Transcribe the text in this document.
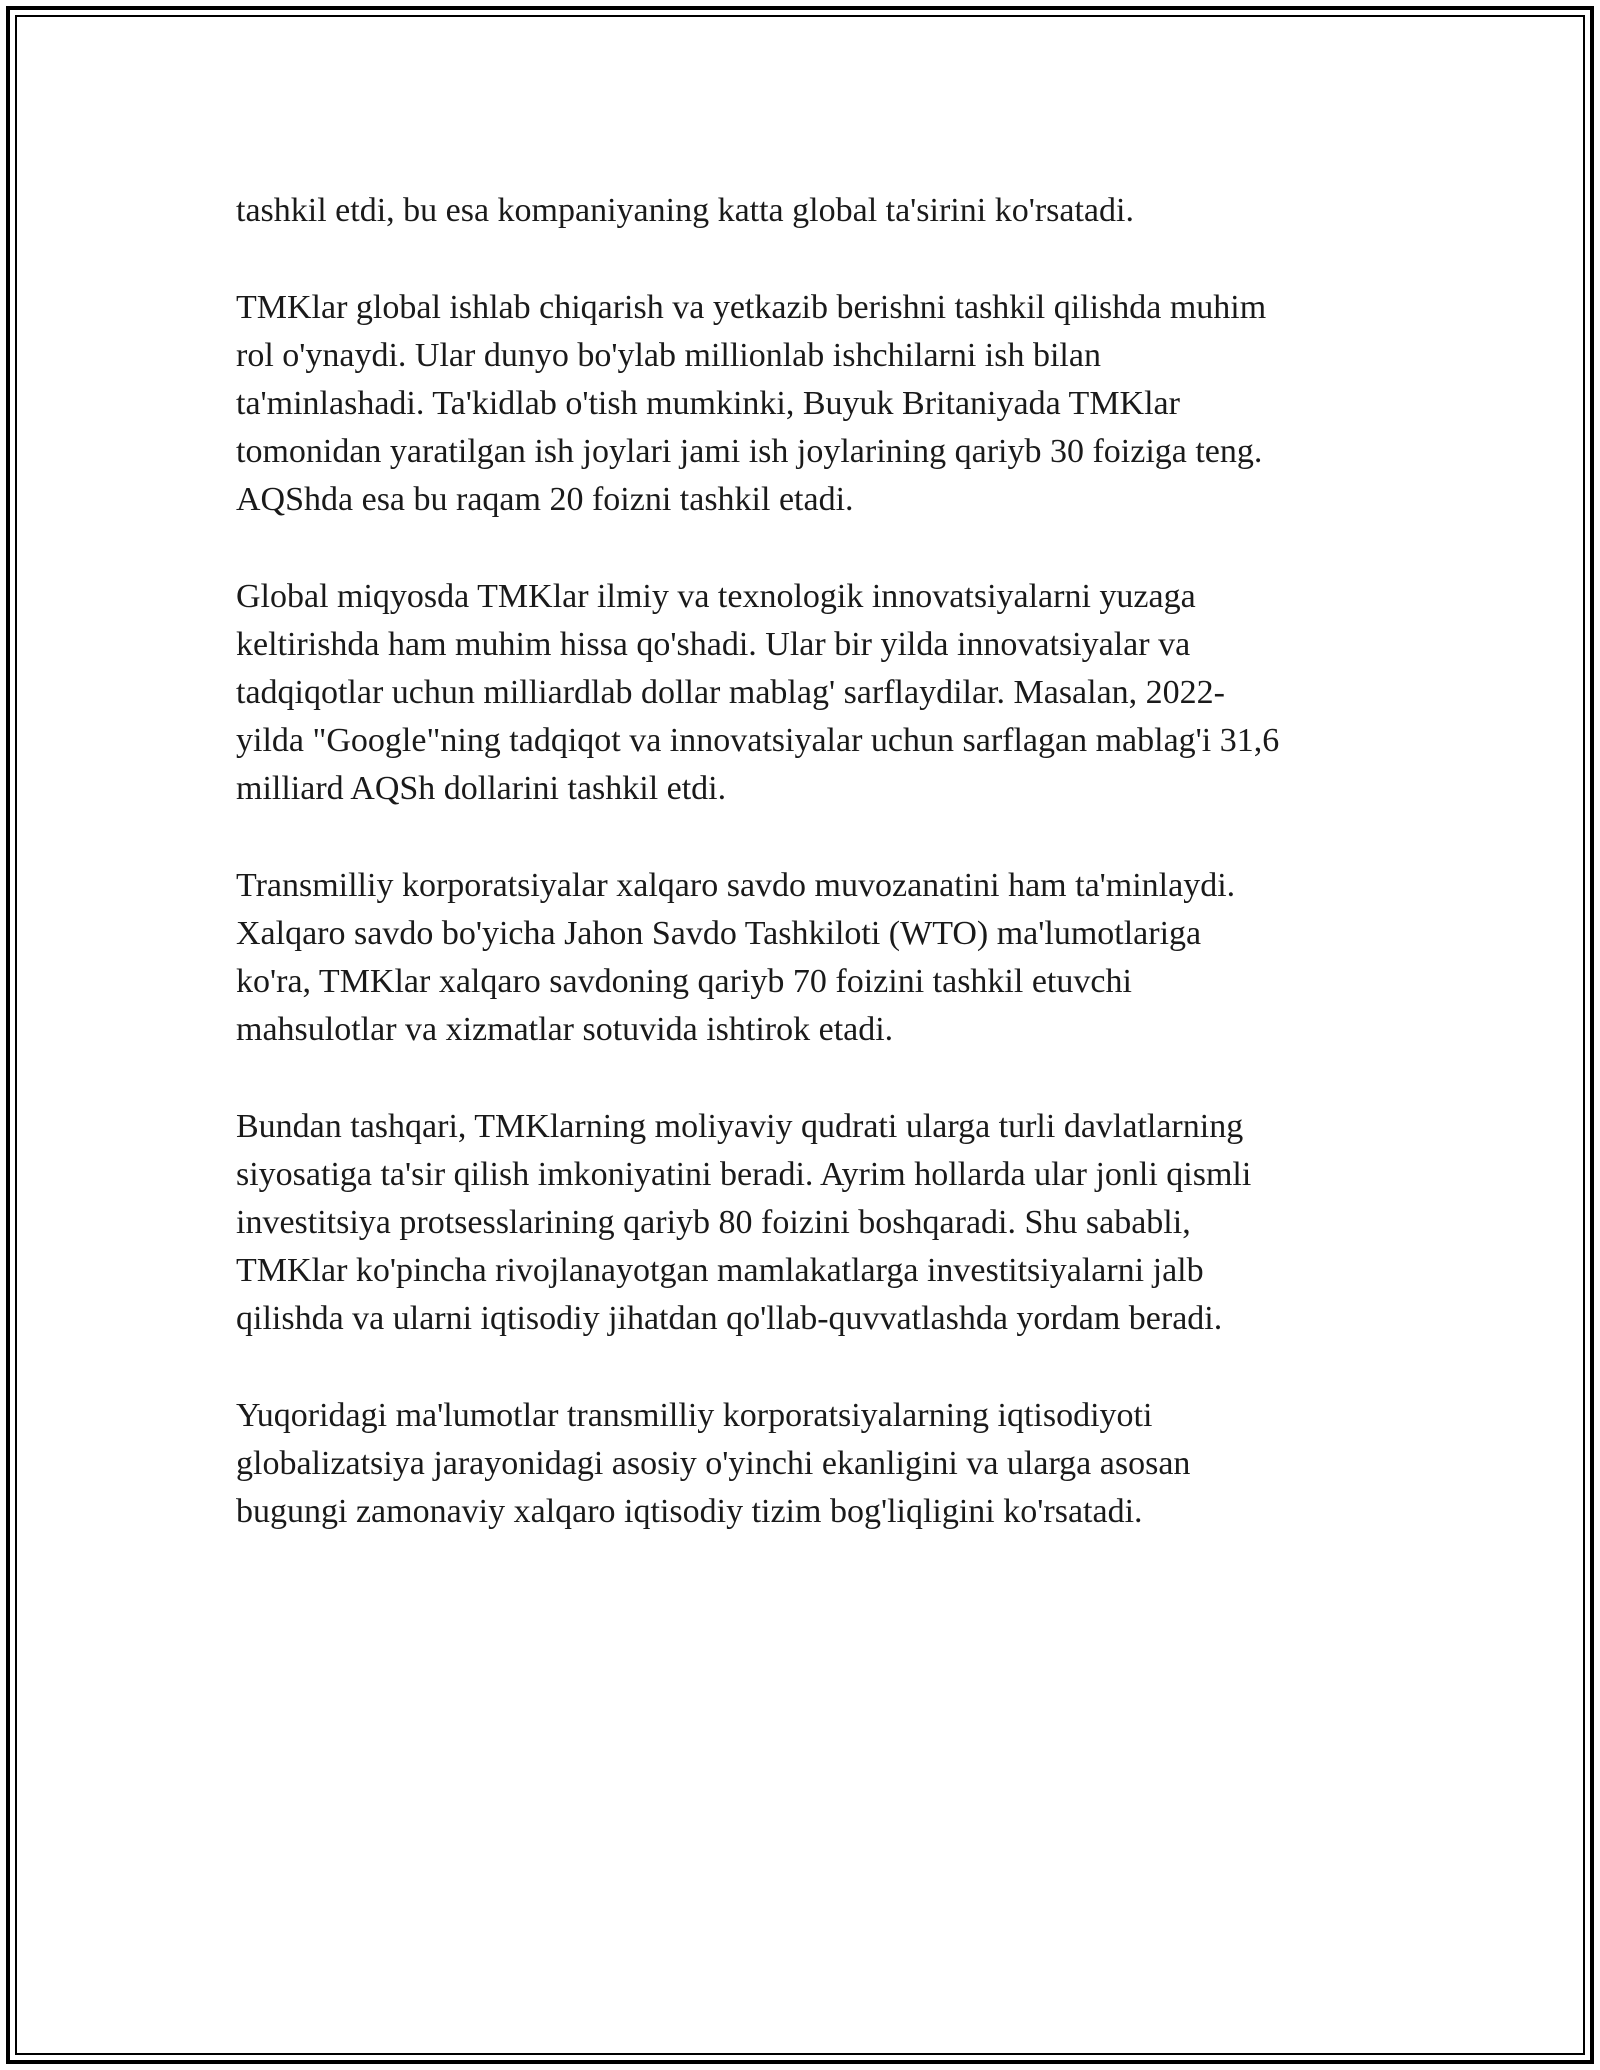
tashkil etdi, bu esa kompaniyaning katta global ta'sirini ko'rsatadi.

TMKlar global ishlab chiqarish va yetkazib berishni tashkil qilishda muhim
rol o'ynaydi. Ular dunyo bo'ylab millionlab ishchilarni ish bilan
ta'minlashadi. Ta'kidlab o'tish mumkinki, Buyuk Britaniyada TMKlar
tomonidan yaratilgan ish joylari jami ish joylarining qariyb 30 foiziga teng.
AQShda esa bu raqam 20 foizni tashkil etadi.

Global miqyosda TMKlar ilmiy va texnologik innovatsiyalarni yuzaga
keltirishda ham muhim hissa qo'shadi. Ular bir yilda innovatsiyalar va
tadqiqotlar uchun milliardlab dollar mablag' sarflaydilar. Masalan, 2022-
yilda "Google"ning tadqiqot va innovatsiyalar uchun sarflagan mablag'i 31,6
milliard AQSh dollarini tashkil etdi.

Transmilliy korporatsiyalar xalqaro savdo muvozanatini ham ta'minlaydi.
Xalqaro savdo bo'yicha Jahon Savdo Tashkiloti (WTO) ma'lumotlariga
ko'ra, TMKlar xalqaro savdoning qariyb 70 foizini tashkil etuvchi
mahsulotlar va xizmatlar sotuvida ishtirok etadi.

Bundan tashqari, TMKlarning moliyaviy qudrati ularga turli davlatlarning
siyosatiga ta'sir qilish imkoniyatini beradi. Ayrim hollarda ular jonli qismli
investitsiya protsesslarining qariyb 80 foizini boshqaradi. Shu sababli,
TMKlar ko'pincha rivojlanayotgan mamlakatlarga investitsiyalarni jalb
qilishda va ularni iqtisodiy jihatdan qo'llab-quvvatlashda yordam beradi.

Yuqoridagi ma'lumotlar transmilliy korporatsiyalarning iqtisodiyoti
globalizatsiya jarayonidagi asosiy o'yinchi ekanligini va ularga asosan
bugungi zamonaviy xalqaro iqtisodiy tizim bog'liqligini ko'rsatadi.
